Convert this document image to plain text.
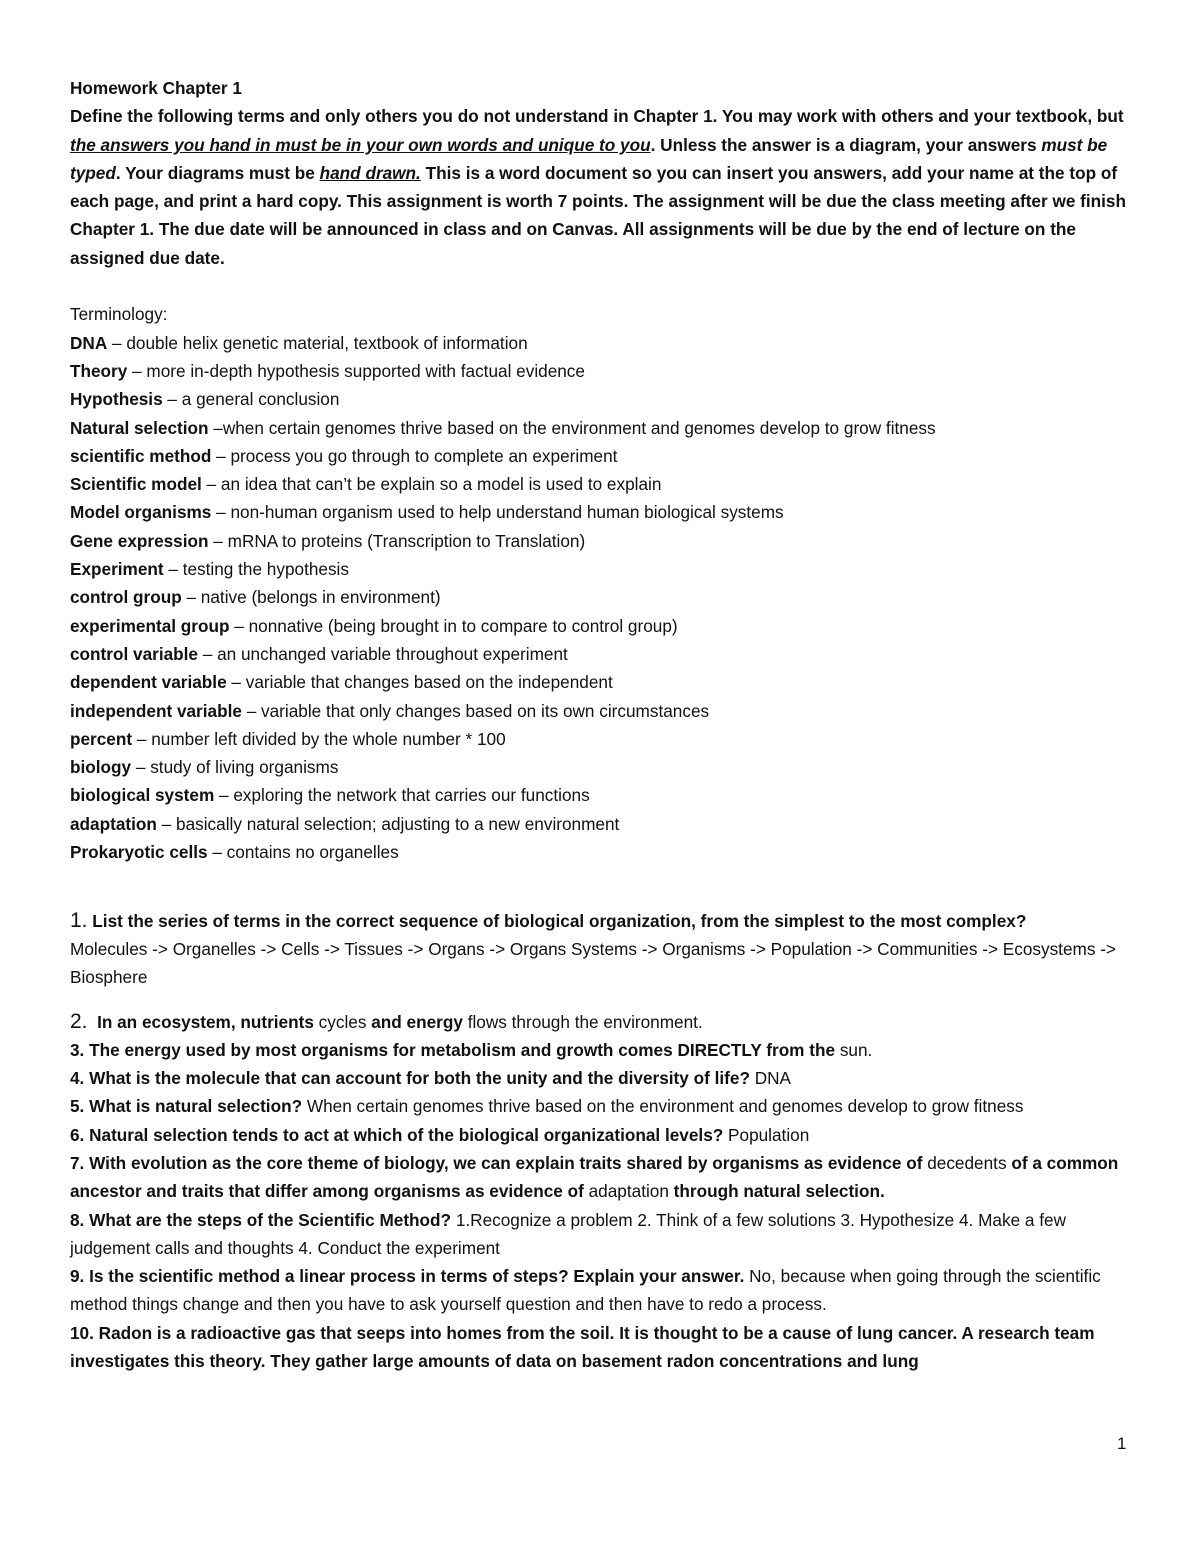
Homework Chapter 1

Define the following terms and only others you do not understand in Chapter 1. You may work with others and your textbook, but the answers you hand in must be in your own words and unique to you. Unless the answer is a diagram, your answers must be typed. Your diagrams must be hand drawn. This is a word document so you can insert you answers, add your name at the top of each page, and print a hard copy. This assignment is worth 7 points. The assignment will be due the class meeting after we finish Chapter 1. The due date will be announced in class and on Canvas. All assignments will be due by the end of lecture on the assigned due date.

Terminology:

DNA – double helix genetic material, textbook of information

Theory – more in-depth hypothesis supported with factual evidence

Hypothesis – a general conclusion

Natural selection –when certain genomes thrive based on the environment and genomes develop to grow fitness

scientific method – process you go through to complete an experiment

Scientific model – an idea that can’t be explain so a model is used to explain

Model organisms – non-human organism used to help understand human biological systems

Gene expression – mRNA to proteins (Transcription to Translation)

Experiment – testing the hypothesis

control group – native (belongs in environment)

experimental group – nonnative (being brought in to compare to control group)

control variable – an unchanged variable throughout experiment

dependent variable – variable that changes based on the independent

independent variable – variable that only changes based on its own circumstances

percent – number left divided by the whole number * 100

biology – study of living organisms

biological system – exploring the network that carries our functions

adaptation – basically natural selection; adjusting to a new environment

Prokaryotic cells – contains no organelles

1. List the series of terms in the correct sequence of biological organization, from the simplest to the most complex?
Molecules -> Organelles -> Cells -> Tissues -> Organs -> Organs Systems -> Organisms -> Population -> Communities -> Ecosystems -> Biosphere

2. In an ecosystem, nutrients cycles and energy flows through the environment.

3. The energy used by most organisms for metabolism and growth comes DIRECTLY from the sun.

4. What is the molecule that can account for both the unity and the diversity of life? DNA

5. What is natural selection? When certain genomes thrive based on the environment and genomes develop to grow fitness

6. Natural selection tends to act at which of the biological organizational levels? Population

7. With evolution as the core theme of biology, we can explain traits shared by organisms as evidence of decedents of a common ancestor and traits that differ among organisms as evidence of adaptation through natural selection.

8. What are the steps of the Scientific Method? 1.Recognize a problem 2. Think of a few solutions 3. Hypothesize 4. Make a few judgement calls and thoughts 4. Conduct the experiment

9. Is the scientific method a linear process in terms of steps? Explain your answer. No, because when going through the scientific method things change and then you have to ask yourself question and then have to redo a process.

10. Radon is a radioactive gas that seeps into homes from the soil. It is thought to be a cause of lung cancer. A research team investigates this theory. They gather large amounts of data on basement radon concentrations and lung

1
